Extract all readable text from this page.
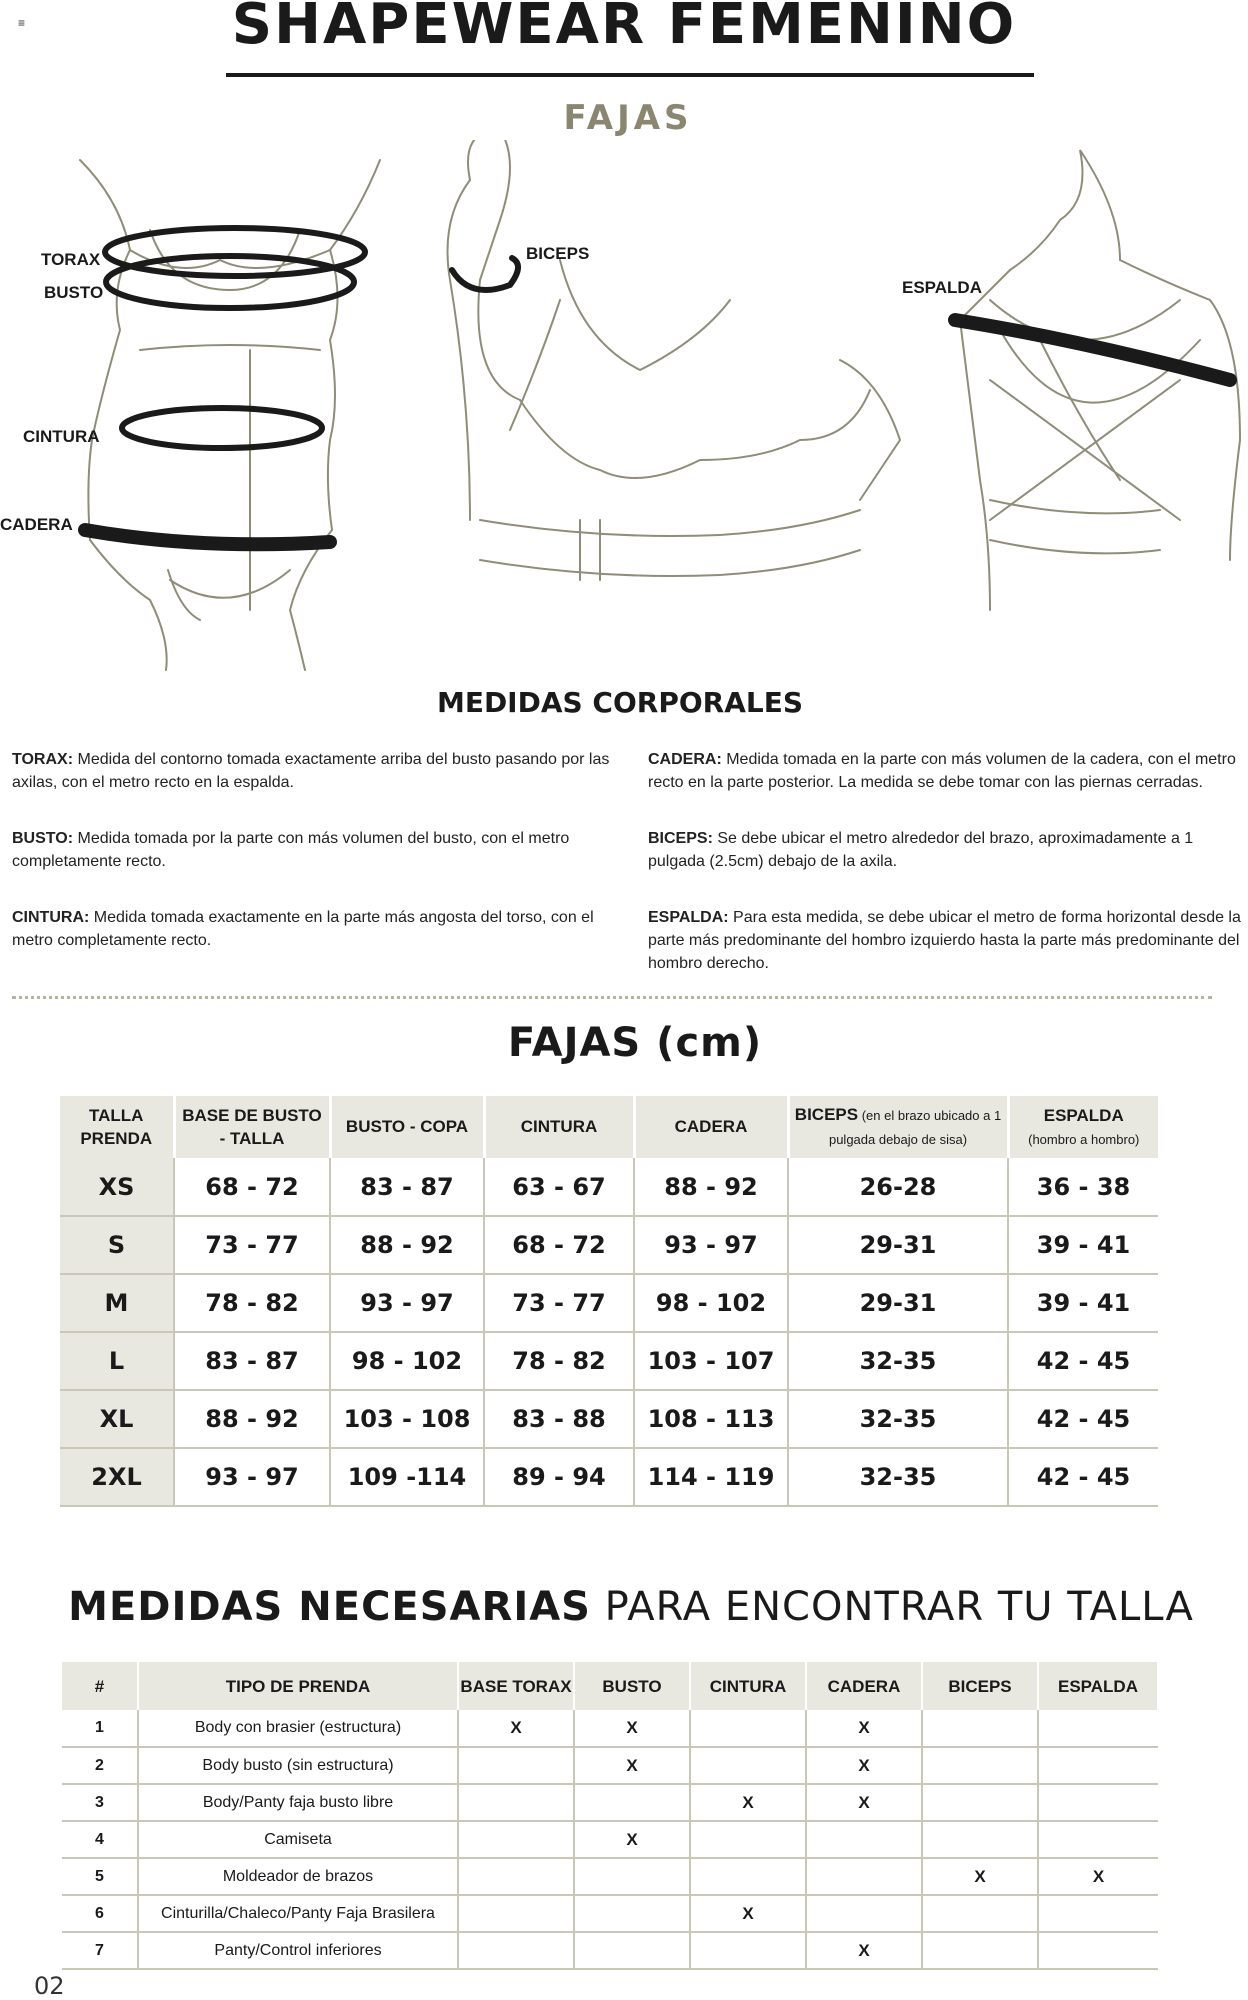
≡	SHAPEWEAR FEMENINO
FAJAS
TORAX
BUSTO
CINTURA
CADERA
BICEPS
ESPALDA
MEDIDAS CORPORALES

TORAX: Medida del contorno tomada exactamente arriba del busto pasando por las axilas, con el metro recto en la espalda.

BUSTO: Medida tomada por la parte con más volumen del busto, con el metro completamente recto.

CINTURA: Medida tomada exactamente en la parte más angosta del torso, con el metro completamente recto.

CADERA: Medida tomada en la parte con más volumen de la cadera, con el metro recto en la parte posterior. La medida se debe tomar con las piernas cerradas.

BICEPS: Se debe ubicar el metro alrededor del brazo, aproximadamente a 1 pulgada (2.5cm) debajo de la axila.

ESPALDA: Para esta medida, se debe ubicar el metro de forma horizontal desde la parte más predominante del hombro izquierdo hasta la parte más predominante del hombro derecho.

FAJAS (cm)
TALLA PRENDA	BASE DE BUSTO - TALLA	BUSTO - COPA	CINTURA	CADERA	BICEPS (en el brazo ubicado a 1 pulgada debajo de sisa)	ESPALDA
(hombro a hombro)
XS	68 - 72	83 - 87	63 - 67	88 - 92	26-28	36 - 38
S	73 - 77	88 - 92	68 - 72	93 - 97	29-31	39 - 41
M	78 - 82	93 - 97	73 - 77	98 - 102	29-31	39 - 41
L	83 - 87	98 - 102	78 - 82	103 - 107	32-35	42 - 45
XL	88 - 92	103 - 108	83 - 88	108 - 113	32-35	42 - 45
2XL	93 - 97	109 -114	89 - 94	114 - 119	32-35	42 - 45
MEDIDAS NECESARIAS PARA ENCONTRAR TU TALLA
#	TIPO DE PRENDA	BASE TORAX	BUSTO	CINTURA	CADERA	BICEPS	ESPALDA
1	Body con brasier (estructura)	X	X		X		
2	Body busto (sin estructura)		X		X		
3	Body/Panty faja busto libre			X	X		
4	Camiseta		X				
5	Moldeador de brazos					X	X
6	Cinturilla/Chaleco/Panty Faja Brasilera			X			
7	Panty/Control inferiores				X		
02
